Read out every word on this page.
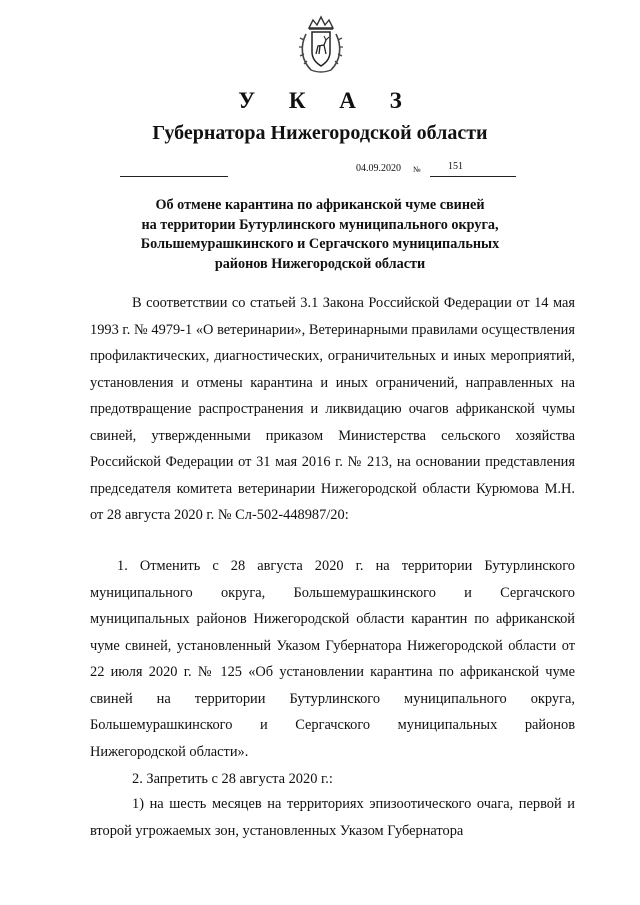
У К А З
Губернатора Нижегородской области
04.09.2020 №	151
Об отмене карантина по африканской чуме свиней
на территории Бутурлинского муниципального округа,
Большемурашкинского и Сергачского муниципальных
районов Нижегородской области
В соответствии со статьей 3.1 Закона Российской Федерации от 14 мая 1993 г. № 4979-1 «О ветеринарии», Ветеринарными правилами осуществления профилактических, диагностических, ограничительных и иных мероприятий, установления и отмены карантина и иных ограничений, направленных на предотвращение распространения и ликвидацию очагов африканской чумы свиней, утвержденными приказом Министерства сельского хозяйства Российской Федерации от 31 мая 2016 г. № 213, на основании представления председателя комитета ветеринарии Нижегородской области Курюмова М.Н. от 28 августа 2020 г. № Сл-502-448987/20:
1. Отменить с 28 августа 2020 г. на территории Бутурлинского муниципального округа, Большемурашкинского и Сергачского муниципальных районов Нижегородской области карантин по африканской чуме свиней, установленный Указом Губернатора Нижегородской области от 22 июля 2020 г. № 125 «Об установлении карантина по африканской чуме свиней на территории Бутурлинского муниципального округа, Большемурашкинского и Сергачского муниципальных районов Нижегородской области».
2. Запретить с 28 августа 2020 г.:
1) на шесть месяцев на территориях эпизоотического очага, первой и второй угрожаемых зон, установленных Указом Губернатора
